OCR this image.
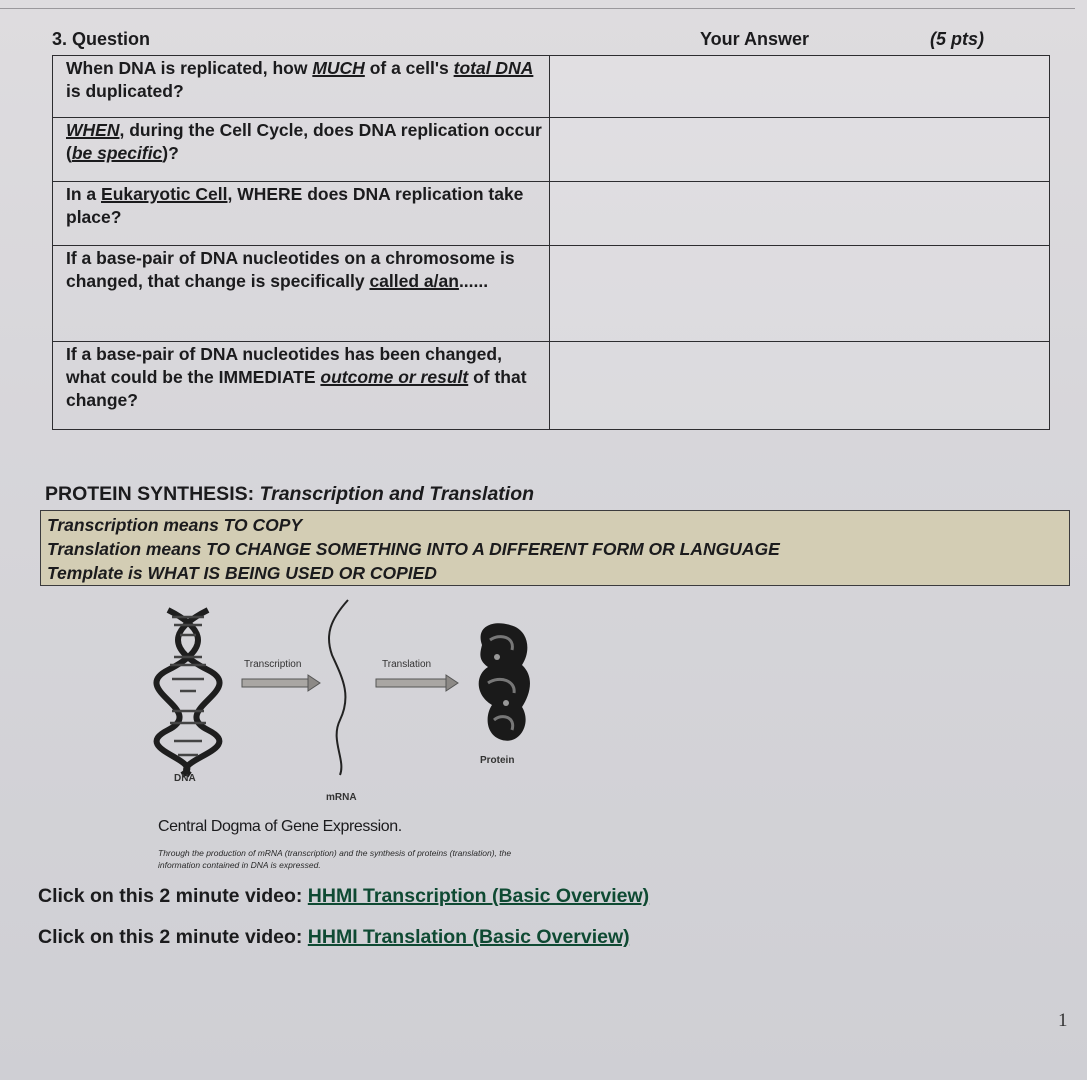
3. Question	Your Answer	(5 pts)
When DNA is replicated, how MUCH of a cell's total DNA is duplicated?	
WHEN, during the Cell Cycle, does DNA replication occur (be specific)?	
In a Eukaryotic Cell, WHERE does DNA replication take place?	
If a base-pair of DNA nucleotides on a chromosome is changed, that change is specifically called a/an......	
If a base-pair of DNA nucleotides has been changed, what could be the IMMEDIATE outcome or result of that change?	
PROTEIN SYNTHESIS: Transcription and Translation
Transcription means TO COPY
Translation means TO CHANGE SOMETHING INTO A DIFFERENT FORM OR LANGUAGE
Template is WHAT IS BEING USED OR COPIED
Transcription	Translation
DNA
mRNA
Protein
Central Dogma of Gene Expression.
Through the production of mRNA (transcription) and the synthesis of proteins (translation), the information contained in DNA is expressed.
Click on this 2 minute video: HHMI Transcription (Basic Overview)
Click on this 2 minute video: HHMI Translation (Basic Overview)
1
